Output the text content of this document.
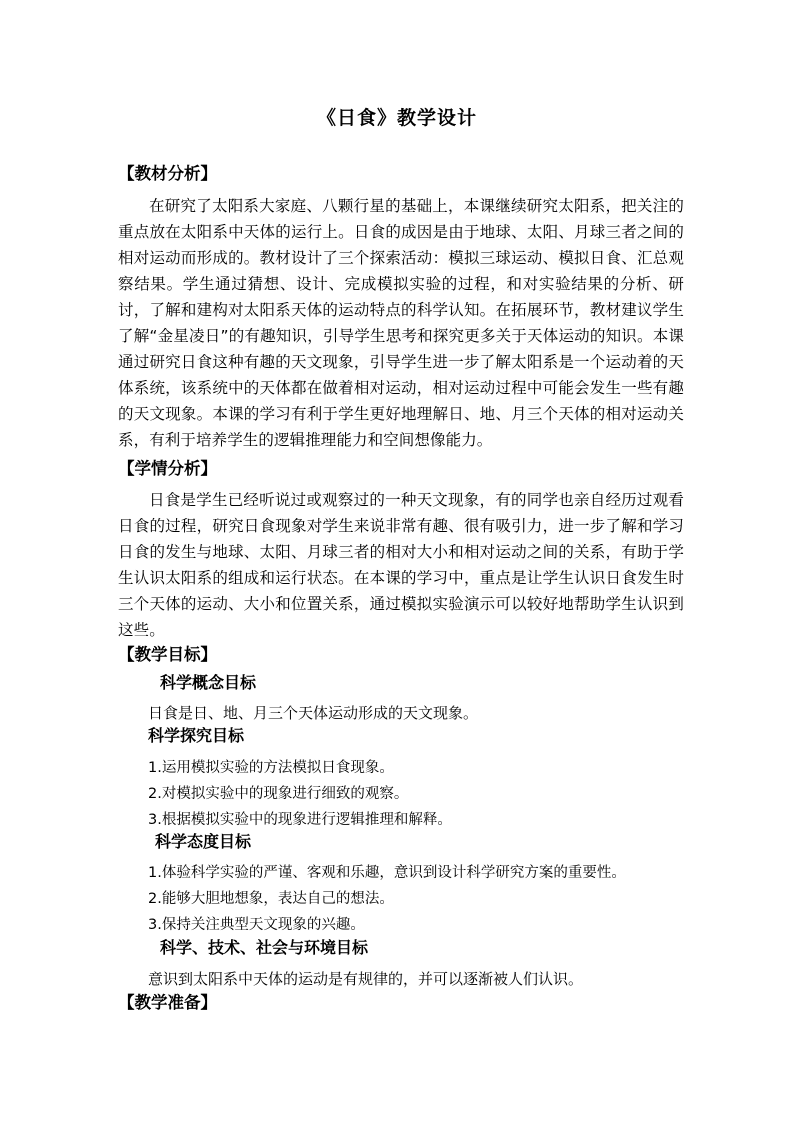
《日食》教学设计
【教材分析】
在研究了太阳系大家庭、八颗行星的基础上，本课继续研究太阳系，把关注的重点放在太阳系中天体的运行上。日食的成因是由于地球、太阳、月球三者之间的相对运动而形成的。教材设计了三个探索活动：模拟三球运动、模拟日食、汇总观察结果。学生通过猜想、设计、完成模拟实验的过程，和对实验结果的分析、研讨，了解和建构对太阳系天体的运动特点的科学认知。在拓展环节，教材建议学生了解“金星凌日”的有趣知识，引导学生思考和探究更多关于天体运动的知识。本课通过研究日食这种有趣的天文现象，引导学生进一步了解太阳系是一个运动着的天体系统，该系统中的天体都在做着相对运动，相对运动过程中可能会发生一些有趣的天文现象。本课的学习有利于学生更好地理解日、地、月三个天体的相对运动关系，有利于培养学生的逻辑推理能力和空间想像能力。
【学情分析】
日食是学生已经听说过或观察过的一种天文现象，有的同学也亲自经历过观看日食的过程，研究日食现象对学生来说非常有趣、很有吸引力，进一步了解和学习日食的发生与地球、太阳、月球三者的相对大小和相对运动之间的关系，有助于学生认识太阳系的组成和运行状态。在本课的学习中，重点是让学生认识日食发生时三个天体的运动、大小和位置关系，通过模拟实验演示可以较好地帮助学生认识到这些。
【教学目标】
科学概念目标
日食是日、地、月三个天体运动形成的天文现象。
科学探究目标
1.运用模拟实验的方法模拟日食现象。
2.对模拟实验中的现象进行细致的观察。
3.根据模拟实验中的现象进行逻辑推理和解释。
科学态度目标
1.体验科学实验的严谨、客观和乐趣，意识到设计科学研究方案的重要性。
2.能够大胆地想象，表达自己的想法。
3.保持关注典型天文现象的兴趣。
科学、技术、社会与环境目标
意识到太阳系中天体的运动是有规律的，并可以逐渐被人们认识。
【教学准备】
